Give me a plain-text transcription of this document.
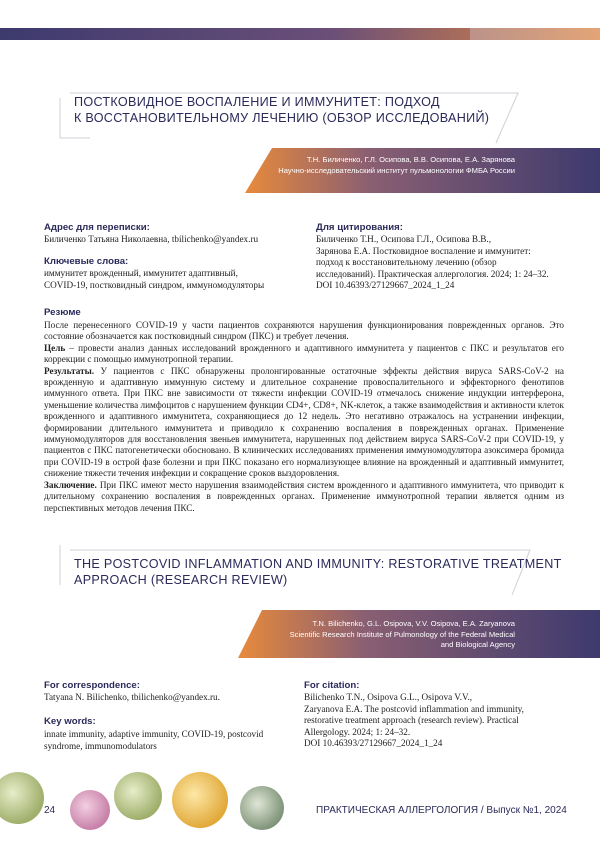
ПОСТКОВИДНОЕ ВОСПАЛЕНИЕ И ИММУНИТЕТ: ПОДХОД
К ВОССТАНОВИТЕЛЬНОМУ ЛЕЧЕНИЮ (ОБЗОР ИССЛЕДОВАНИЙ)
Т.Н. Биличенко, Г.Л. Осипова, В.В. Осипова, Е.А. Зарянова
Научно-исследовательский институт пульмонологии ФМБА России
Адрес для переписки:
Биличенко Татьяна Николаевна, tbilichenko@yandex.ru
Ключевые слова:
иммунитет врожденный, иммунитет адаптивный,
COVID-19, постковидный синдром, иммуномодуляторы
Для цитирования:
Биличенко Т.Н., Осипова Г.Л., Осипова В.В.,
Зарянова Е.А. Постковидное воспаление и иммунитет:
подход к восстановительному лечению (обзор
исследований). Практическая аллергология. 2024; 1: 24–32.
DOI 10.46393/27129667_2024_1_24
Резюме

После перенесенного COVID-19 у части пациентов сохраняются нарушения функционирования поврежденных органов. Это состояние обозначается как постковидный синдром (ПКС) и требует лечения.

Цель – провести анализ данных исследований врожденного и адаптивного иммунитета у пациентов с ПКС и результатов его коррекции с помощью иммунотропной терапии.

Результаты. У пациентов с ПКС обнаружены пролонгированные остаточные эффекты действия вируса SARS-CoV-2 на врожденную и адаптивную иммунную систему и длительное сохранение провоспалительного и эффекторного фенотипов иммунного ответа. При ПКС вне зависимости от тяжести инфекции COVID-19 отмечалось снижение индукции интерферона, уменьшение количества лимфоцитов с нарушением функции CD4+, CD8+, NK-клеток, а также взаимодействия и активности клеток врожденного и адаптивного иммунитета, сохраняющиеся до 12 недель. Это негативно отражалось на устранении инфекции, формировании длительного иммунитета и приводило к сохранению воспаления в поврежденных органах. Применение иммуномодуляторов для восстановления звеньев иммунитета, нарушенных под действием вируса SARS-CoV-2 при COVID-19, у пациентов с ПКС патогенетически обосновано. В клинических исследованиях применения иммуномодулятора азоксимера бромида при COVID-19 в острой фазе болезни и при ПКС показано его нормализующее влияние на врожденный и адаптивный иммунитет, снижение тяжести течения инфекции и сокращение сроков выздоровления.

Заключение. При ПКС имеют место нарушения взаимодействия систем врожденного и адаптивного иммунитета, что приводит к длительному сохранению воспаления в поврежденных органах. Применение иммунотропной терапии является одним из перспективных методов лечения ПКС.

THE POSTCOVID INFLAMMATION AND IMMUNITY: RESTORATIVE TREATMENT
APPROACH (RESEARCH REVIEW)
T.N. Bilichenko, G.L. Osipova, V.V. Osipova, E.A. Zaryanova
Scientific Research Institute of Pulmonology of the Federal Medical
and Biological Agency
For correspondence:
Tatyana N. Bilichenko, tbilichenko@yandex.ru.
Key words:
innate immunity, adaptive immunity, COVID-19, postcovid
syndrome, immunomodulators
For citation:
Bilichenko T.N., Osipova G.L., Osipova V.V.,
Zaryanova E.A. The postcovid inflammation and immunity,
restorative treatment approach (research review). Practical
Allergology. 2024; 1: 24–32.
DOI 10.46393/27129667_2024_1_24
24	ПРАКТИЧЕСКАЯ АЛЛЕРГОЛОГИЯ / Выпуск №1, 2024
